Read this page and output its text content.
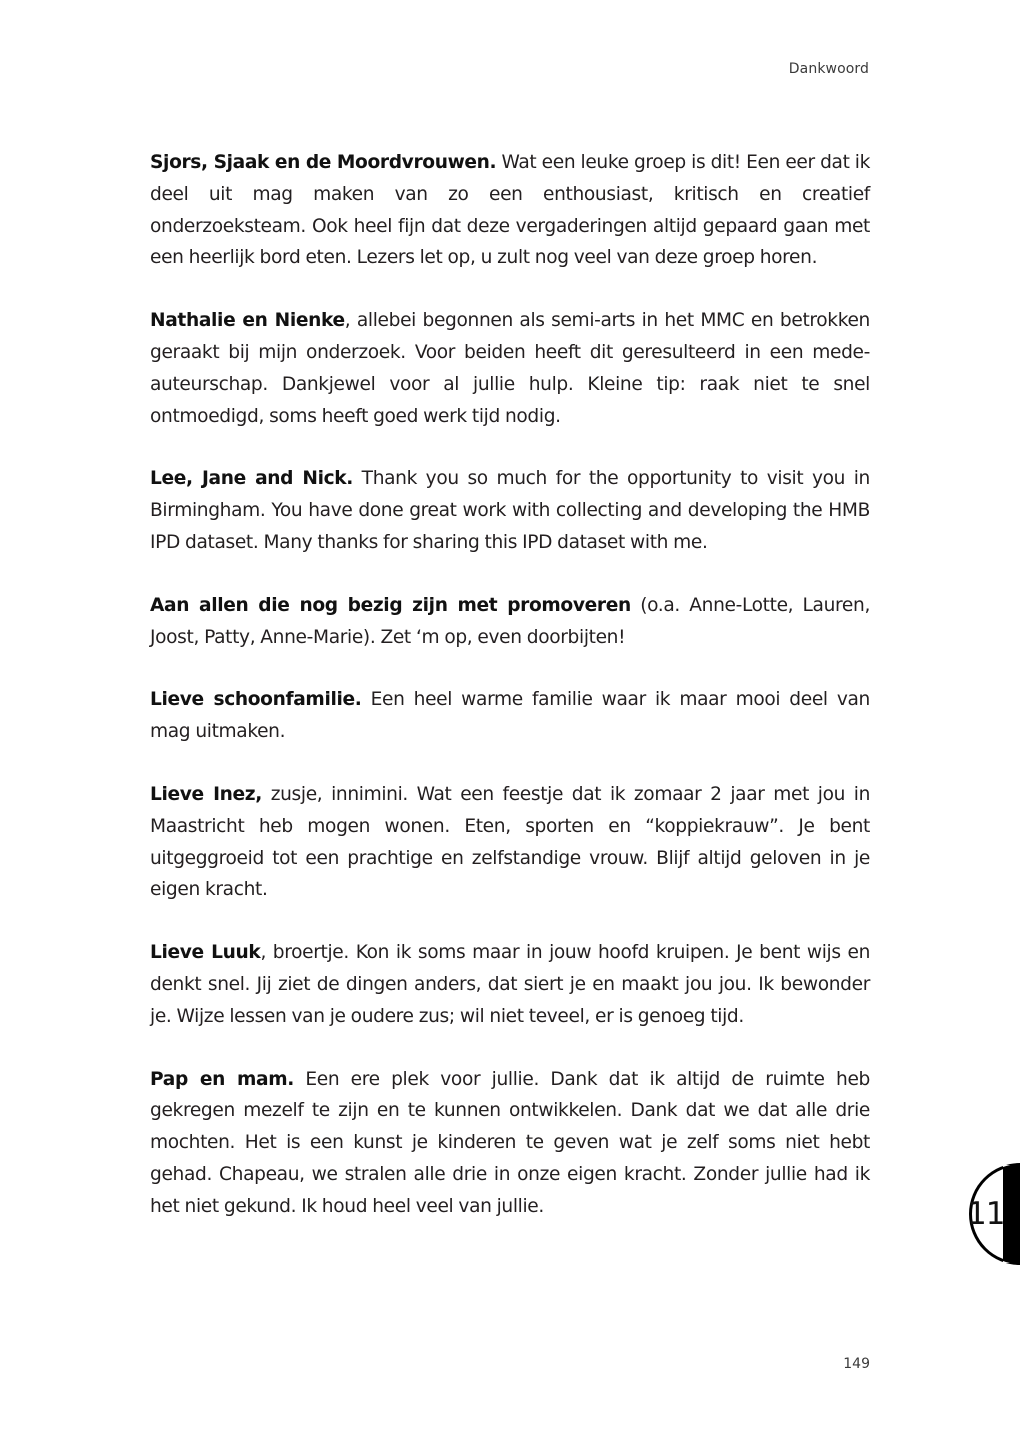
Dankwoord

Sjors, Sjaak en de Moordvrouwen. Wat een leuke groep is dit! Een eer dat ik deel uit mag maken van zo een enthousiast, kritisch en creatief onderzoeksteam. Ook heel fijn dat deze vergaderingen altijd gepaard gaan met een heerlijk bord eten. Lezers let op, u zult nog veel van deze groep horen.

Nathalie en Nienke, allebei begonnen als semi-arts in het MMC en betrokken geraakt bij mijn onderzoek. Voor beiden heeft dit geresulteerd in een mede-auteurschap. Dankjewel voor al jullie hulp. Kleine tip: raak niet te snel ontmoedigd, soms heeft goed werk tijd nodig.

Lee, Jane and Nick. Thank you so much for the opportunity to visit you in Birmingham. You have done great work with collecting and developing the HMB IPD dataset. Many thanks for sharing this IPD dataset with me.

Aan allen die nog bezig zijn met promoveren (o.a. Anne-Lotte, Lauren, Joost, Patty, Anne-Marie). Zet ‘m op, even doorbijten!

Lieve schoonfamilie. Een heel warme familie waar ik maar mooi deel van mag uitmaken.

Lieve Inez, zusje, innimini. Wat een feestje dat ik zomaar 2 jaar met jou in Maastricht heb mogen wonen. Eten, sporten en “koppiekrauw”. Je bent uitgeggroeid tot een prachtige en zelfstandige vrouw. Blijf altijd geloven in je eigen kracht.

Lieve Luuk, broertje. Kon ik soms maar in jouw hoofd kruipen. Je bent wijs en denkt snel. Jij ziet de dingen anders, dat siert je en maakt jou jou. Ik bewonder je. Wijze lessen van je oudere zus; wil niet teveel, er is genoeg tijd.

Pap en mam. Een ere plek voor jullie. Dank dat ik altijd de ruimte heb gekregen mezelf te zijn en te kunnen ontwikkelen. Dank dat we dat alle drie mochten. Het is een kunst je kinderen te geven wat je zelf soms niet hebt gehad. Chapeau, we stralen alle drie in onze eigen kracht. Zonder jullie had ik het niet gekund. Ik houd heel veel van jullie.	11
149
